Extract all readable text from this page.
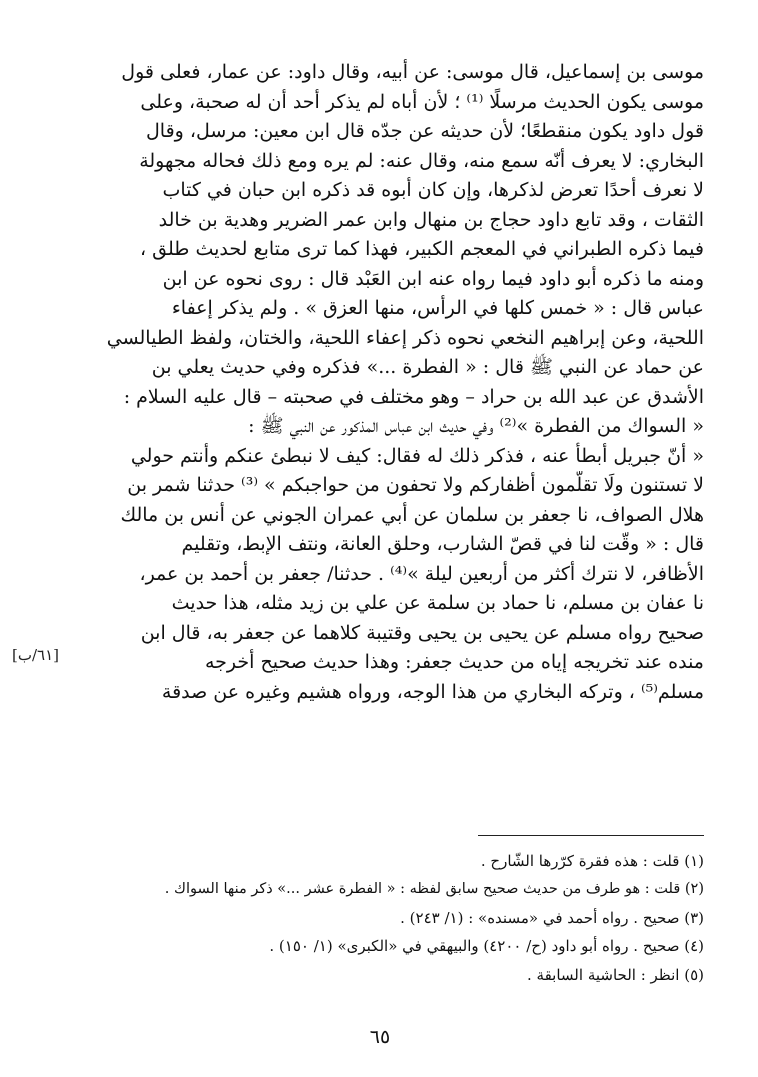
موسى بن إسماعيل، قال موسى: عن أبيه، وقال داود: عن عمار، فعلى قول
موسى يكون الحديث مرسلًا ⁽¹⁾ ؛ لأن أباه لم يذكر أحد أن له صحبة، وعلى
قول داود يكون منقطعًا؛ لأن حديثه عن جدّه قال ابن معين: مرسل، وقال
البخاري: لا يعرف أنّه سمع منه، وقال عنه: لم يره ومع ذلك فحاله مجهولة
لا نعرف أحدًا تعرض لذكرها، وإن كان أبوه قد ذكره ابن حبان في كتاب
الثقات ، وقد تابع داود حجاج بن منهال وابن عمر الضرير وهدية بن خالد
فيما ذكره الطبراني في المعجم الكبير، فهذا كما ترى متابع لحديث طلق ،
ومنه ما ذكره أبو داود فيما رواه عنه ابن العَبْد قال : روى نحوه عن ابن
عباس قال : « خمس كلها في الرأس، منها العزق » . ولم يذكر إعفاء
اللحية، وعن إبراهيم النخعي نحوه ذكر إعفاء اللحية، والختان، ولفظ الطيالسي
عن حماد عن النبي ﷺ قال : « الفطرة ...» فذكره وفي حديث يعلي بن
الأشدق عن عبد الله بن حراد – وهو مختلف في صحبته – قال عليه السلام :
« السواك من الفطرة »⁽²⁾ وفي حديث ابن عباس المذكور عن النبي ﷺ :
« أنّ جبريل أبطأ عنه ، فذكر ذلك له فقال: كيف لا نبطئ عنكم وأنتم حولي
لا تستنون ولَا تقلّمون أظفاركم ولا تحفون من حواجبكم » ⁽³⁾ حدثنا شمر بن
هلال الصواف، نا جعفر بن سلمان عن أبي عمران الجوني عن أنس بن مالك
قال : « وقّت لنا في قصّ الشارب، وحلق العانة، ونتف الإبط، وتقليم
الأظافر، لا نترك أكثر من أربعين ليلة »⁽⁴⁾ . حدثنا/ جعفر بن أحمد بن عمر،
نا عفان بن مسلم، نا حماد بن سلمة عن علي بن زيد مثله، هذا حديث
صحيح رواه مسلم عن يحيى بن يحيى وقتيبة كلاهما عن جعفر به، قال ابن
منده عند تخريجه إياه من حديث جعفر: وهذا حديث صحيح أخرجه
مسلم⁽⁵⁾ ، وتركه البخاري من هذا الوجه، ورواه هشيم وغيره عن صدقة
[٦١/ب]
(١) قلت : هذه فقرة كرّرها الشّارح .
(٢) قلت : هو طرف من حديث صحيح سابق لفظه : « الفطرة عشر ...» ذكر منها السواك .
(٣) صحيح . رواه أحمد في «مسنده» : (١/ ٢٤٣) .
(٤) صحيح . رواه أبو داود (ح/ ٤٢٠٠) والبيهقي في «الكبرى» (١/ ١٥٠) .
(٥) انظر : الحاشية السابقة .
٦٥
